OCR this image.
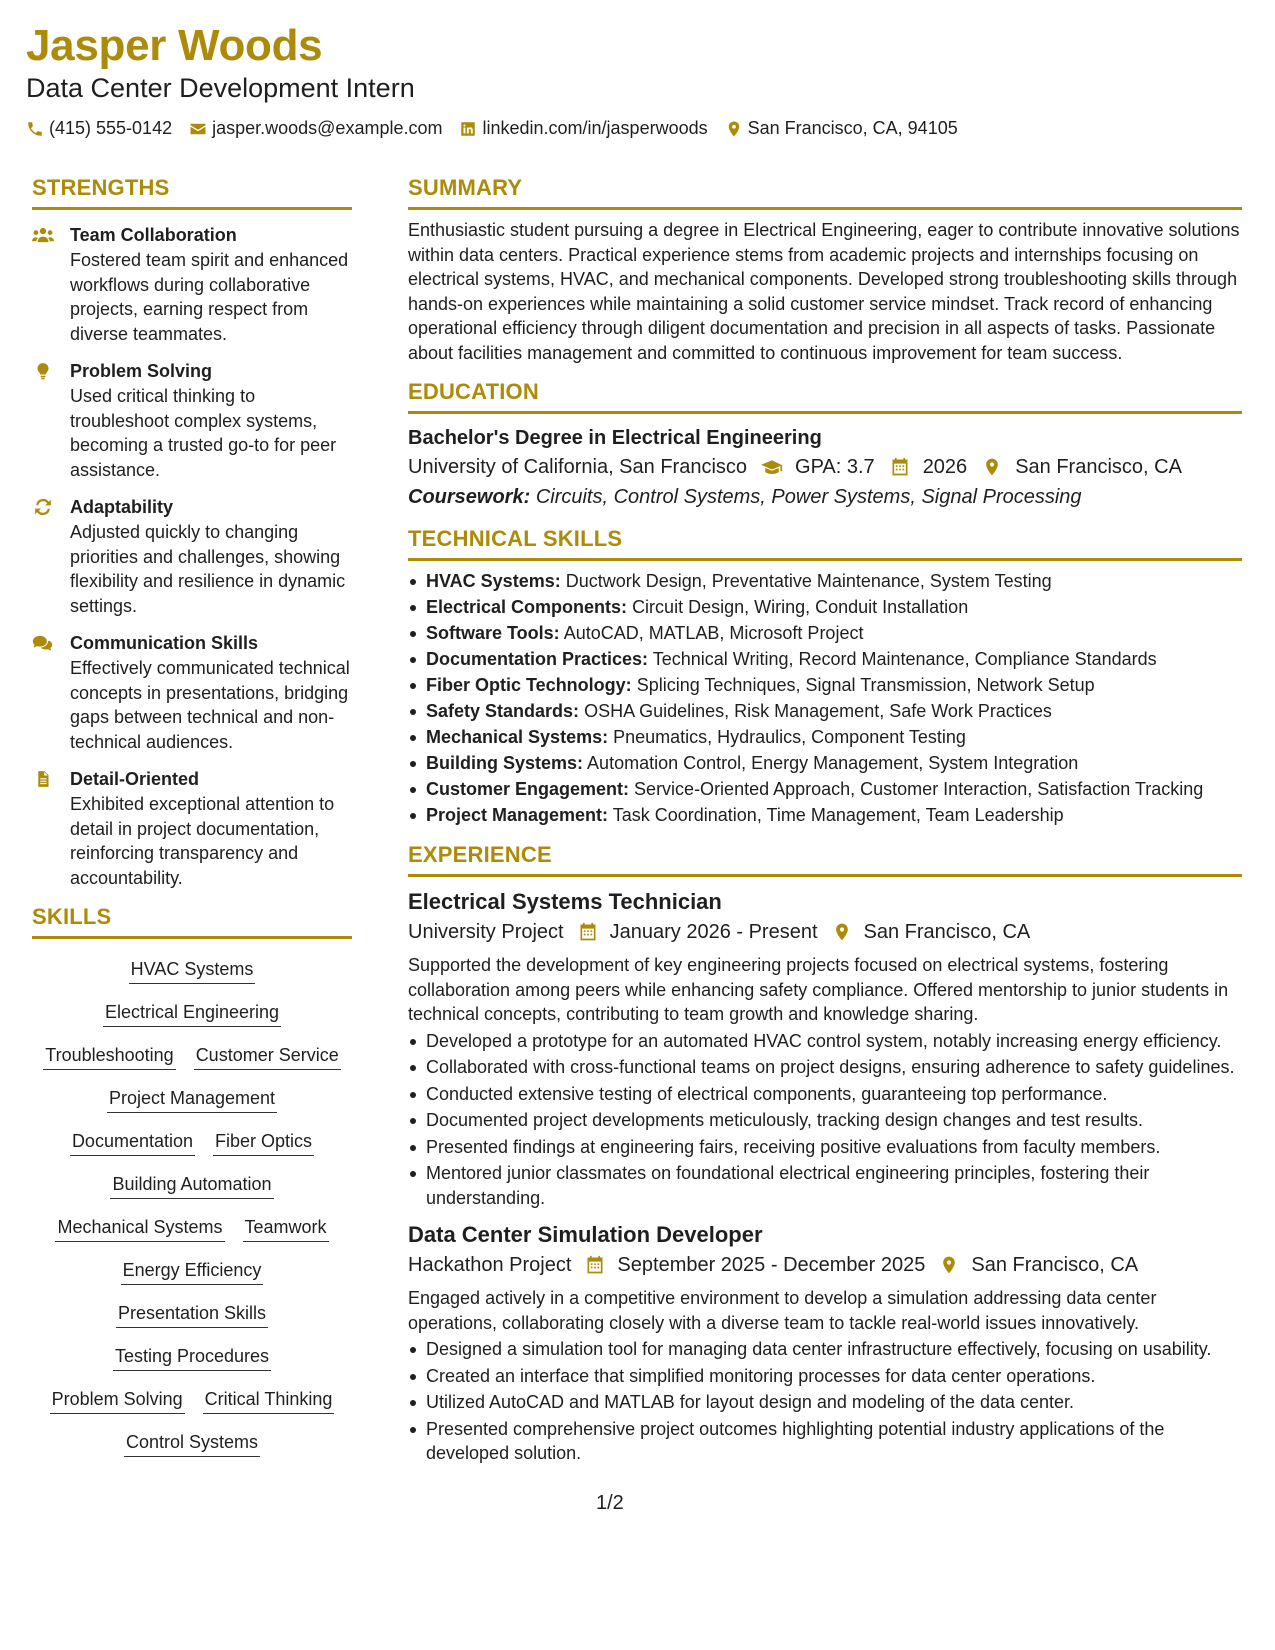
Jasper Woods
Data Center Development Intern
(415) 555-0142 jasper.woods@example.com linkedin.com/in/jasperwoods San Francisco, CA, 94105
STRENGTHS
Team Collaboration
Fostered team spirit and enhanced workflows during collaborative projects, earning respect from diverse teammates.
Problem Solving
Used critical thinking to troubleshoot complex systems, becoming a trusted go-to for peer assistance.
Adaptability
Adjusted quickly to changing priorities and challenges, showing flexibility and resilience in dynamic settings.
Communication Skills
Effectively communicated technical concepts in presentations, bridging gaps between technical and non-technical audiences.
Detail-Oriented
Exhibited exceptional attention to detail in project documentation, reinforcing transparency and accountability.
SKILLS
HVAC Systems
Electrical Engineering
Troubleshooting Customer Service
Project Management
Documentation Fiber Optics
Building Automation
Mechanical Systems Teamwork
Energy Efficiency
Presentation Skills
Testing Procedures
Problem Solving Critical Thinking
Control Systems
SUMMARY
Enthusiastic student pursuing a degree in Electrical Engineering, eager to contribute innovative solutions within data centers. Practical experience stems from academic projects and internships focusing on electrical systems, HVAC, and mechanical components. Developed strong troubleshooting skills through hands-on experiences while maintaining a solid customer service mindset. Track record of enhancing operational efficiency through diligent documentation and precision in all aspects of tasks. Passionate about facilities management and committed to continuous improvement for team success.
EDUCATION
Bachelor's Degree in Electrical Engineering
University of California, San Francisco GPA: 3.7 2026 San Francisco, CA
Coursework: Circuits, Control Systems, Power Systems, Signal Processing
TECHNICAL SKILLS
HVAC Systems: Ductwork Design, Preventative Maintenance, System Testing
Electrical Components: Circuit Design, Wiring, Conduit Installation
Software Tools: AutoCAD, MATLAB, Microsoft Project
Documentation Practices: Technical Writing, Record Maintenance, Compliance Standards
Fiber Optic Technology: Splicing Techniques, Signal Transmission, Network Setup
Safety Standards: OSHA Guidelines, Risk Management, Safe Work Practices
Mechanical Systems: Pneumatics, Hydraulics, Component Testing
Building Systems: Automation Control, Energy Management, System Integration
Customer Engagement: Service-Oriented Approach, Customer Interaction, Satisfaction Tracking
Project Management: Task Coordination, Time Management, Team Leadership
EXPERIENCE
Electrical Systems Technician
University Project January 2026 - Present San Francisco, CA
Supported the development of key engineering projects focused on electrical systems, fostering collaboration among peers while enhancing safety compliance. Offered mentorship to junior students in technical concepts, contributing to team growth and knowledge sharing.
Developed a prototype for an automated HVAC control system, notably increasing energy efficiency.
Collaborated with cross-functional teams on project designs, ensuring adherence to safety guidelines.
Conducted extensive testing of electrical components, guaranteeing top performance.
Documented project developments meticulously, tracking design changes and test results.
Presented findings at engineering fairs, receiving positive evaluations from faculty members.
Mentored junior classmates on foundational electrical engineering principles, fostering their understanding.
Data Center Simulation Developer
Hackathon Project September 2025 - December 2025 San Francisco, CA
Engaged actively in a competitive environment to develop a simulation addressing data center operations, collaborating closely with a diverse team to tackle real-world issues innovatively.
Designed a simulation tool for managing data center infrastructure effectively, focusing on usability.
Created an interface that simplified monitoring processes for data center operations.
Utilized AutoCAD and MATLAB for layout design and modeling of the data center.
Presented comprehensive project outcomes highlighting potential industry applications of the developed solution.
1/2
